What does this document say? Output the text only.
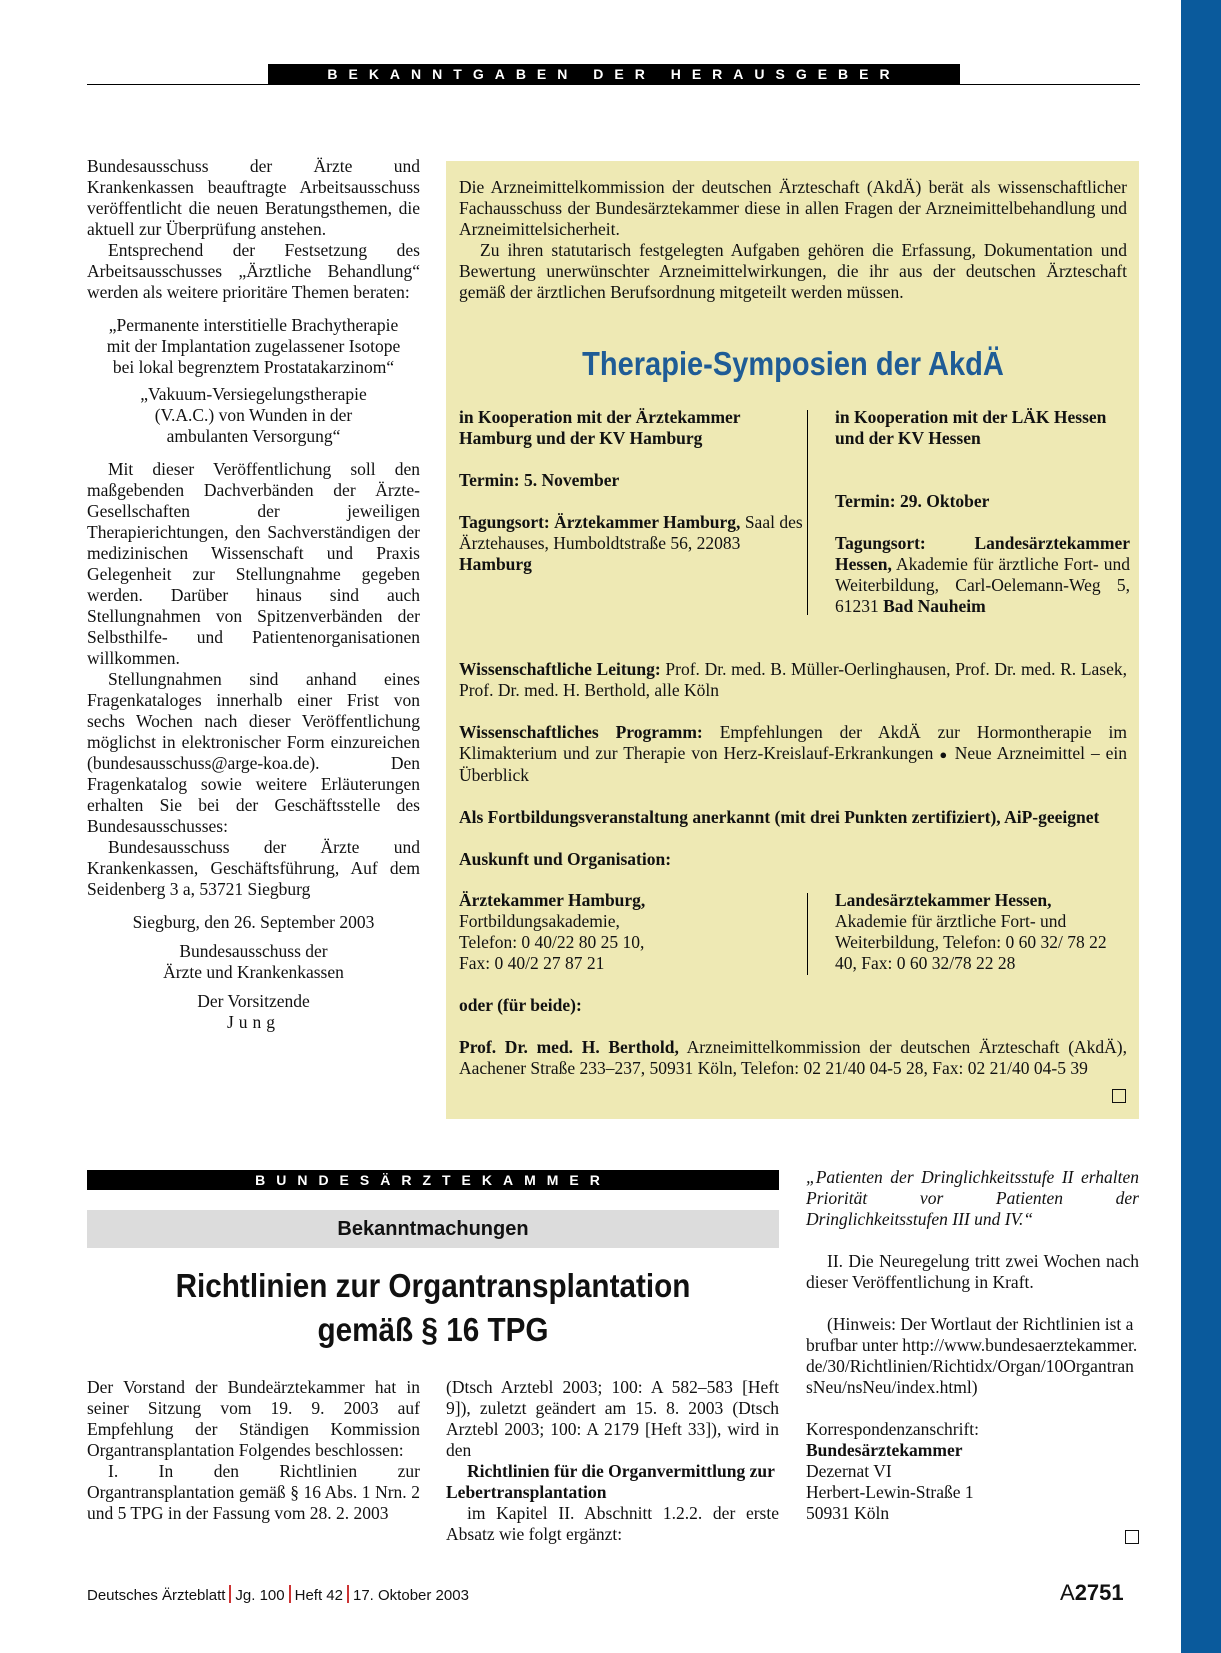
BEKANNTGABEN DER HERAUSGEBER

Bundesausschuss der Ärzte und Krankenkassen beauftragte Arbeitsausschuss veröffentlicht die neuen Beratungsthemen, die aktuell zur Überprüfung anstehen.

Entsprechend der Festsetzung des Arbeitsausschusses „Ärztliche Behandlung“ werden als weitere prioritäre Themen beraten:

„Permanente interstitielle Brachytherapie mit der Implantation zugelassener Isotope bei lokal begrenztem Prostatakarzinom“

„Vakuum-Versiegelungstherapie (V.A.C.) von Wunden in der ambulanten Versorgung“

Mit dieser Veröffentlichung soll den maßgebenden Dachverbänden der Ärzte-Gesellschaften der jeweiligen Therapierichtungen, den Sachverständigen der medizinischen Wissenschaft und Praxis Gelegenheit zur Stellungnahme gegeben werden. Darüber hinaus sind auch Stellungnahmen von Spitzenverbänden der Selbsthilfe- und Patientenorganisationen willkommen.

Stellungnahmen sind anhand eines Fragenkataloges innerhalb einer Frist von sechs Wochen nach dieser Veröffentlichung möglichst in elektronischer Form einzureichen (bundesausschuss@arge-koa.de). Den Fragenkatalog sowie weitere Erläuterungen erhalten Sie bei der Geschäftsstelle des Bundesausschusses:

Bundesausschuss der Ärzte und Krankenkassen, Geschäftsführung, Auf dem Seidenberg 3 a, 53721 Siegburg

Siegburg, den 26. September 2003

Bundesausschuss der

Ärzte und Krankenkassen

Der Vorsitzende

Jung

Die Arzneimittelkommission der deutschen Ärzteschaft (AkdÄ) berät als wissenschaftlicher Fachausschuss der Bundesärztekammer diese in allen Fragen der Arzneimittelbehandlung und Arzneimittelsicherheit.

Zu ihren statutarisch festgelegten Aufgaben gehören die Erfassung, Dokumentation und Bewertung unerwünschter Arzneimittelwirkungen, die ihr aus der deutschen Ärzteschaft gemäß der ärztlichen Berufsordnung mitgeteilt werden müssen.

Therapie-Symposien der AkdÄ

in Kooperation mit der Ärztekammer Hamburg und der KV Hamburg

Termin: 5. November

Tagungsort: Ärztekammer Hamburg, Saal des Ärztehauses, Humboldtstraße 56, 22083 Hamburg

in Kooperation mit der LÄK Hessen und der KV Hessen

Termin: 29. Oktober

Tagungsort: Landesärztekammer Hessen, Akademie für ärztliche Fort- und Weiterbildung, Carl-Oelemann-Weg 5, 61231 Bad Nauheim

Wissenschaftliche Leitung: Prof. Dr. med. B. Müller-Oerlinghausen, Prof. Dr. med. R. Lasek, Prof. Dr. med. H. Berthold, alle Köln

Wissenschaftliches Programm: Empfehlungen der AkdÄ zur Hormontherapie im Klimakterium und zur Therapie von Herz-Kreislauf-Erkrankungen ● Neue Arzneimittel – ein Überblick

Als Fortbildungsveranstaltung anerkannt (mit drei Punkten zertifiziert), AiP-geeignet

Auskunft und Organisation:

Ärztekammer Hamburg,

Fortbildungsakademie, Telefon: 0 40/22 80 25 10, Fax: 0 40/2 27 87 21

Landesärztekammer Hessen,

Akademie für ärztliche Fort- und Weiterbildung, Telefon: 0 60 32/ 78 22 40, Fax: 0 60 32/78 22 28

oder (für beide):

Prof. Dr. med. H. Berthold, Arzneimittelkommission der deutschen Ärzteschaft (AkdÄ), Aachener Straße 233–237, 50931 Köln, Telefon: 02 21/40 04-5 28, Fax: 02 21/40 04-5 39

BUNDESÄRZTEKAMMER
Bekanntmachungen
Richtlinien zur Organtransplantation
gemäß § 16 TPG

Der Vorstand der Bundeärztekammer hat in seiner Sitzung vom 19. 9. 2003 auf Empfehlung der Ständigen Kommission Organtransplantation Folgendes beschlossen:

I. In den Richtlinien zur Organtransplantation gemäß § 16 Abs. 1 Nrn. 2 und 5 TPG in der Fassung vom 28. 2. 2003

(Dtsch Arztebl 2003; 100: A 582–583 [Heft 9]), zuletzt geändert am 15. 8. 2003 (Dtsch Arztebl 2003; 100: A 2179 [Heft 33]), wird in den

Richtlinien für die Organvermittlung zur Lebertransplantation

im Kapitel II. Abschnitt 1.2.2. der erste Absatz wie folgt ergänzt:

„Patienten der Dringlichkeitsstufe II erhalten Priorität vor Patienten der Dringlichkeitsstufen III und IV.“

II. Die Neuregelung tritt zwei Wochen nach dieser Veröffentlichung in Kraft.

(Hinweis: Der Wortlaut der Richtlinien ist abrufbar unter http://www.bundesaerztekammer.de/30/Richtlinien/Richtidx/Organ/10OrgantransNeu/nsNeu/index.html)

Korrespondenzanschrift:

Bundesärztekammer

Dezernat VI

Herbert-Lewin-Straße 1

50931 Köln

Deutsches Ärzteblatt Jg. 100 Heft 42 17. Oktober 2003	A2751
